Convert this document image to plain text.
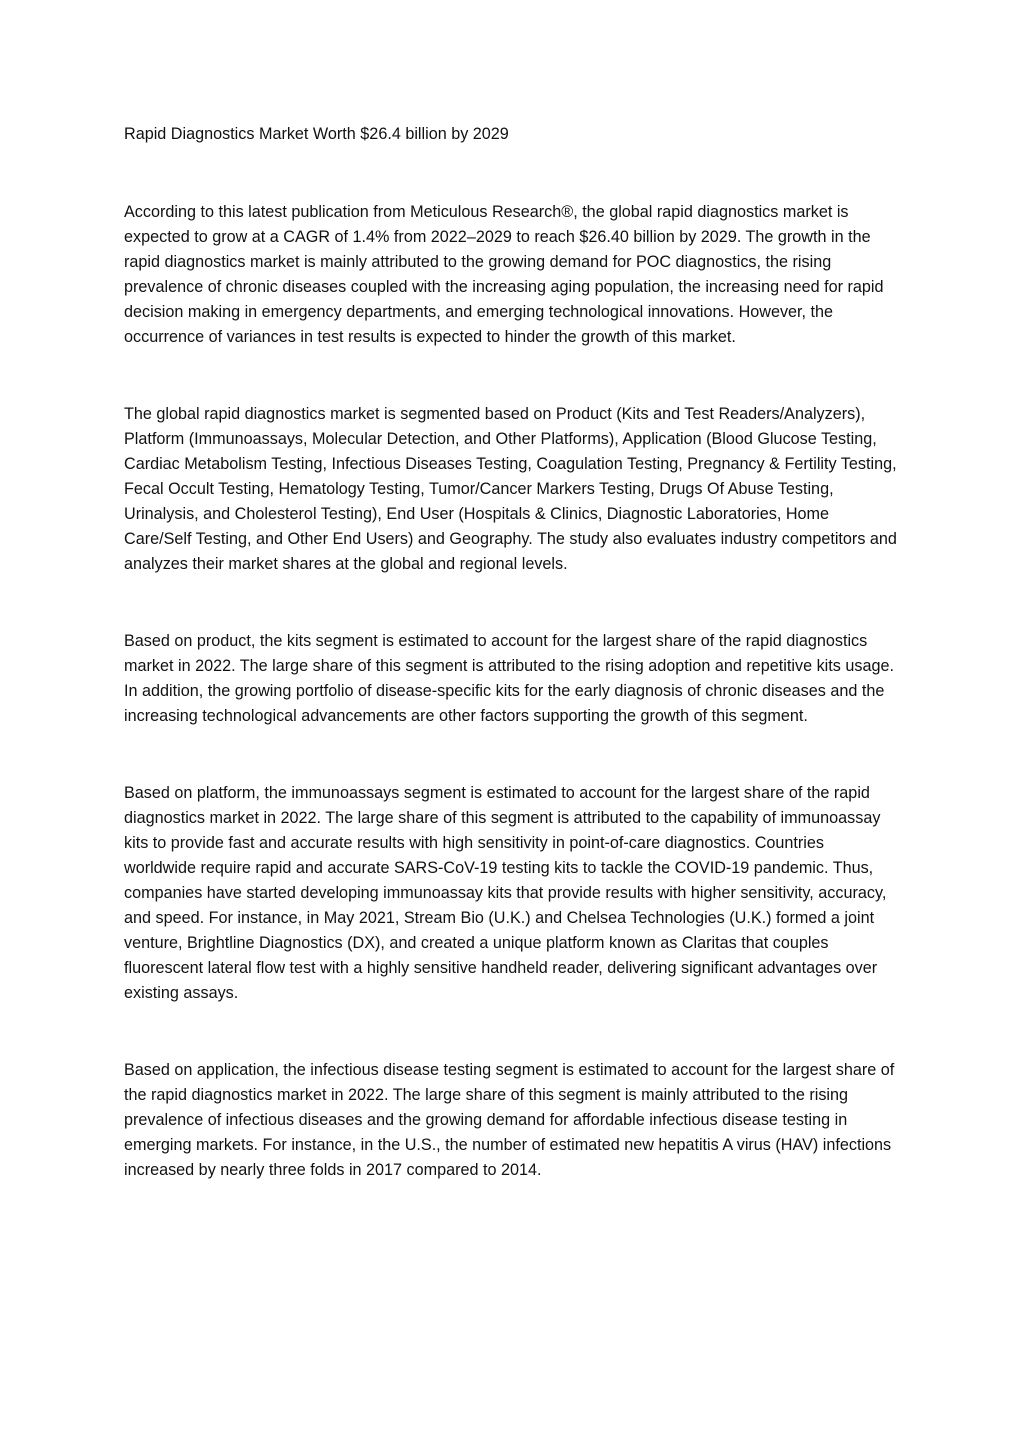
Rapid Diagnostics Market Worth $26.4 billion by 2029

According to this latest publication from Meticulous Research®, the global rapid diagnostics market is expected to grow at a CAGR of 1.4% from 2022–2029 to reach $26.40 billion by 2029. The growth in the rapid diagnostics market is mainly attributed to the growing demand for POC diagnostics, the rising prevalence of chronic diseases coupled with the increasing aging population, the increasing need for rapid decision making in emergency departments, and emerging technological innovations. However, the occurrence of variances in test results is expected to hinder the growth of this market.

The global rapid diagnostics market is segmented based on Product (Kits and Test Readers/Analyzers), Platform (Immunoassays, Molecular Detection, and Other Platforms), Application (Blood Glucose Testing, Cardiac Metabolism Testing, Infectious Diseases Testing, Coagulation Testing, Pregnancy & Fertility Testing, Fecal Occult Testing, Hematology Testing, Tumor/Cancer Markers Testing, Drugs Of Abuse Testing, Urinalysis, and Cholesterol Testing), End User (Hospitals & Clinics, Diagnostic Laboratories, Home Care/Self Testing, and Other End Users) and Geography. The study also evaluates industry competitors and analyzes their market shares at the global and regional levels.

Based on product, the kits segment is estimated to account for the largest share of the rapid diagnostics market in 2022. The large share of this segment is attributed to the rising adoption and repetitive kits usage. In addition, the growing portfolio of disease-specific kits for the early diagnosis of chronic diseases and the increasing technological advancements are other factors supporting the growth of this segment.

Based on platform, the immunoassays segment is estimated to account for the largest share of the rapid diagnostics market in 2022. The large share of this segment is attributed to the capability of immunoassay kits to provide fast and accurate results with high sensitivity in point-of-care diagnostics. Countries worldwide require rapid and accurate SARS-CoV-19 testing kits to tackle the COVID-19 pandemic. Thus, companies have started developing immunoassay kits that provide results with higher sensitivity, accuracy, and speed. For instance, in May 2021, Stream Bio (U.K.) and Chelsea Technologies (U.K.) formed a joint venture, Brightline Diagnostics (DX), and created a unique platform known as Claritas that couples fluorescent lateral flow test with a highly sensitive handheld reader, delivering significant advantages over existing assays.

Based on application, the infectious disease testing segment is estimated to account for the largest share of the rapid diagnostics market in 2022. The large share of this segment is mainly attributed to the rising prevalence of infectious diseases and the growing demand for affordable infectious disease testing in emerging markets. For instance, in the U.S., the number of estimated new hepatitis A virus (HAV) infections increased by nearly three folds in 2017 compared to 2014.
